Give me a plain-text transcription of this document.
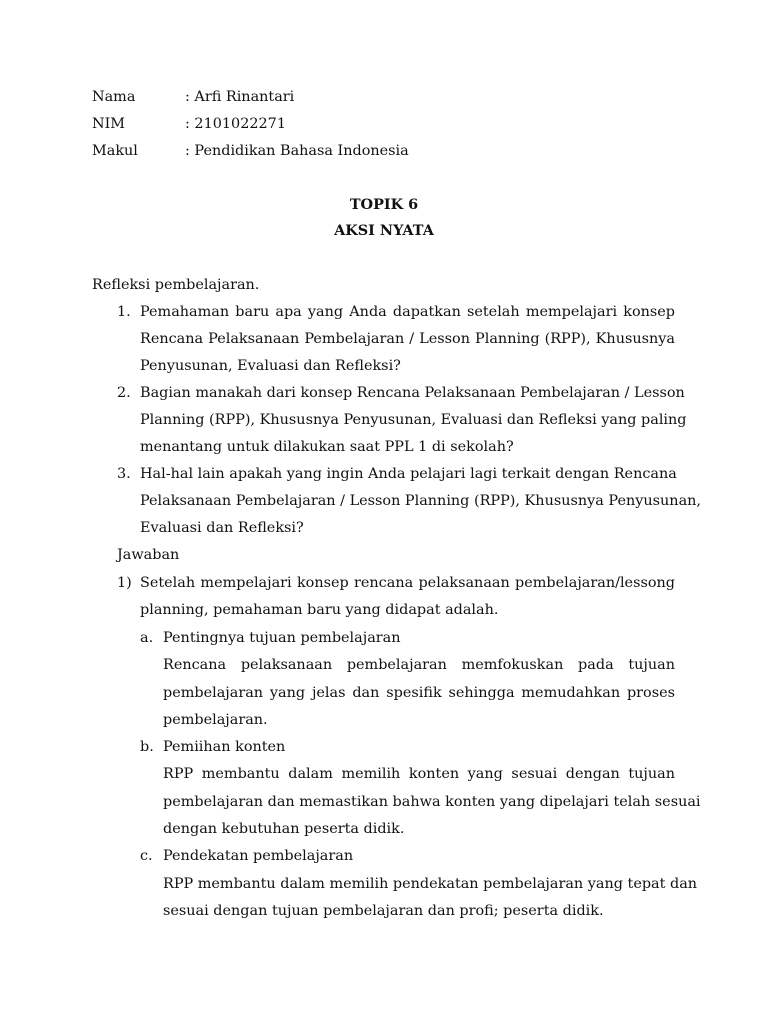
Nama	: Arfi Rinantari
NIM	: 2101022271
Makul	: Pendidikan Bahasa Indonesia
TOPIK 6
AKSI NYATA
Refleksi pembelajaran.
1. Pemahaman baru apa yang Anda dapatkan setelah mempelajari konsep
Rencana Pelaksanaan Pembelajaran / Lesson Planning (RPP), Khususnya
Penyusunan, Evaluasi dan Refleksi?
2. Bagian manakah dari konsep Rencana Pelaksanaan Pembelajaran / Lesson
Planning (RPP), Khususnya Penyusunan, Evaluasi dan Refleksi yang paling
menantang untuk dilakukan saat PPL 1 di sekolah?
3. Hal-hal lain apakah yang ingin Anda pelajari lagi terkait dengan Rencana
Pelaksanaan Pembelajaran / Lesson Planning (RPP), Khususnya Penyusunan,
Evaluasi dan Refleksi?
Jawaban
1) Setelah mempelajari konsep rencana pelaksanaan pembelajaran/lessong
planning, pemahaman baru yang didapat adalah.
a. Pentingnya tujuan pembelajaran
Rencana pelaksanaan pembelajaran memfokuskan pada tujuan
pembelajaran yang jelas dan spesifik sehingga memudahkan proses
pembelajaran.
b. Pemiihan konten
RPP membantu dalam memilih konten yang sesuai dengan tujuan
pembelajaran dan memastikan bahwa konten yang dipelajari telah sesuai
dengan kebutuhan peserta didik.
c. Pendekatan pembelajaran
RPP membantu dalam memilih pendekatan pembelajaran yang tepat dan
sesuai dengan tujuan pembelajaran dan profi; peserta didik.
